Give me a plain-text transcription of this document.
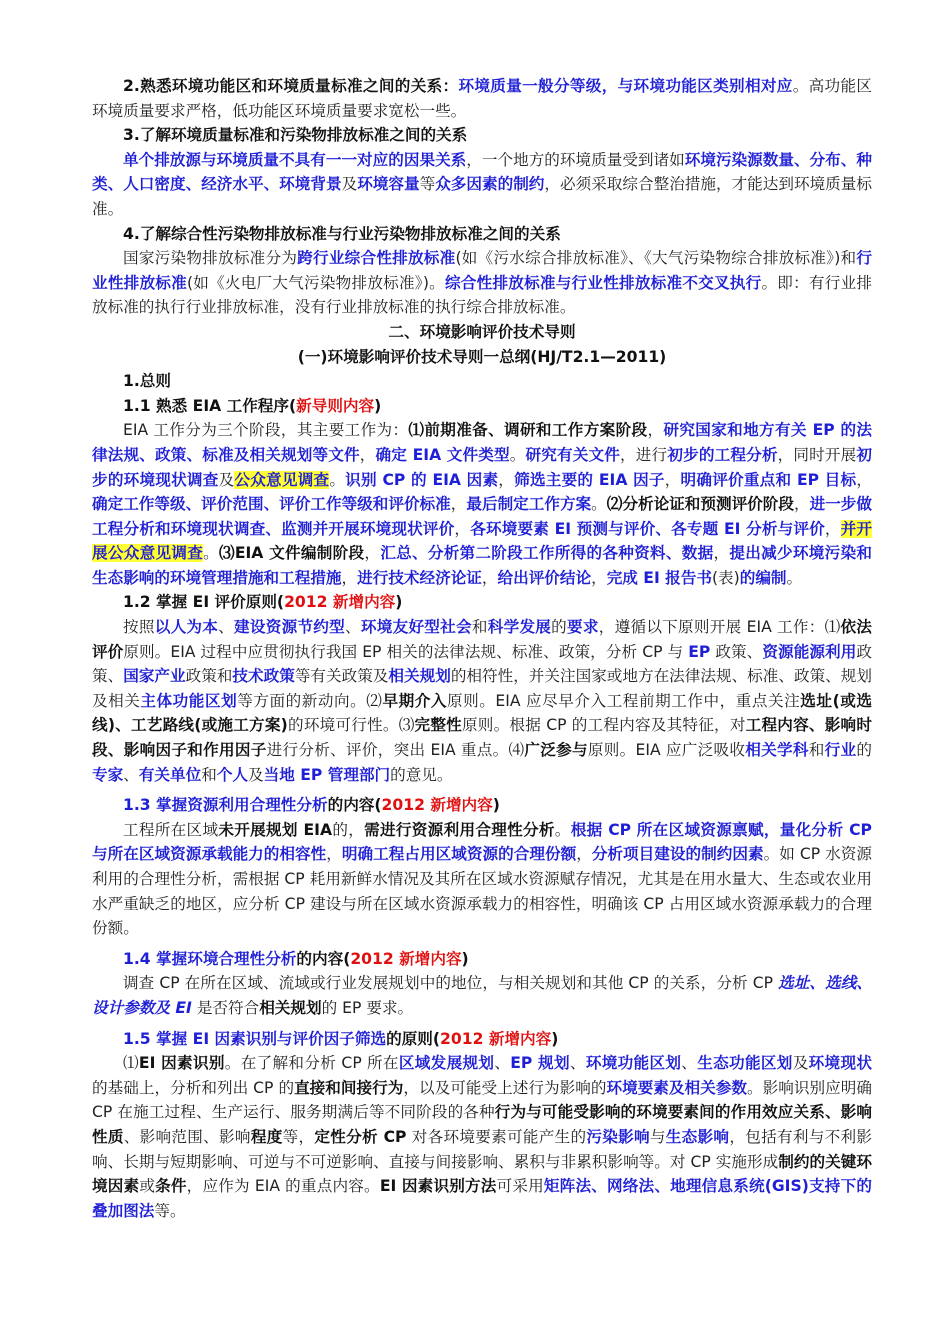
2.熟悉环境功能区和环境质量标准之间的关系：环境质量一般分等级，与环境功能区类别相对应。高功能区环境质量要求严格，低功能区环境质量要求宽松一些。

3.了解环境质量标准和污染物排放标准之间的关系

单个排放源与环境质量不具有一一对应的因果关系，一个地方的环境质量受到诸如环境污染源数量、分布、种类、人口密度、经济水平、环境背景及环境容量等众多因素的制约，必须采取综合整治措施，才能达到环境质量标准。

4.了解综合性污染物排放标准与行业污染物排放标准之间的关系

国家污染物排放标准分为跨行业综合性排放标准(如《污水综合排放标准》、《大气污染物综合排放标准》)和行业性排放标准(如《火电厂大气污染物排放标准》)。综合性排放标准与行业性排放标准不交叉执行。即：有行业排放标准的执行行业排放标准，没有行业排放标准的执行综合排放标准。

二、环境影响评价技术导则

(一)环境影响评价技术导则一总纲(HJ/T2.1—2011)

1.总则

1.1 熟悉 EIA 工作程序(新导则内容)

EIA 工作分为三个阶段，其主要工作为：⑴前期准备、调研和工作方案阶段，研究国家和地方有关 EP 的法律法规、政策、标准及相关规划等文件，确定 EIA 文件类型。研究有关文件，进行初步的工程分析，同时开展初步的环境现状调查及公众意见调查。识别 CP 的 EIA 因素，筛选主要的 EIA 因子，明确评价重点和 EP 目标，确定工作等级、评价范围、评价工作等级和评价标准，最后制定工作方案。⑵分析论证和预测评价阶段，进一步做工程分析和环境现状调查、监测并开展环境现状评价，各环境要素 EI 预测与评价、各专题 EI 分析与评价，并开展公众意见调查。⑶EIA 文件编制阶段，汇总、分析第二阶段工作所得的各种资料、数据，提出减少环境污染和生态影响的环境管理措施和工程措施，进行技术经济论证，给出评价结论，完成 EI 报告书(表)的编制。

1.2 掌握 EI 评价原则(2012 新增内容)

按照以人为本、建设资源节约型、环境友好型社会和科学发展的要求，遵循以下原则开展 EIA 工作：⑴依法评价原则。EIA 过程中应贯彻执行我国 EP 相关的法律法规、标准、政策，分析 CP 与 EP 政策、资源能源利用政策、国家产业政策和技术政策等有关政策及相关规划的相符性，并关注国家或地方在法律法规、标准、政策、规划及相关主体功能区划等方面的新动向。⑵早期介入原则。EIA 应尽早介入工程前期工作中，重点关注选址(或选线)、工艺路线(或施工方案)的环境可行性。⑶完整性原则。根据 CP 的工程内容及其特征，对工程内容、影响时段、影响因子和作用因子进行分析、评价，突出 EIA 重点。⑷广泛参与原则。EIA 应广泛吸收相关学科和行业的专家、有关单位和个人及当地 EP 管理部门的意见。

1.3 掌握资源利用合理性分析的内容(2012 新增内容)

工程所在区域未开展规划 EIA的，需进行资源利用合理性分析。根据 CP 所在区域资源禀赋，量化分析 CP 与所在区域资源承载能力的相容性，明确工程占用区域资源的合理份额，分析项目建设的制约因素。如 CP 水资源利用的合理性分析，需根据 CP 耗用新鲜水情况及其所在区域水资源赋存情况，尤其是在用水量大、生态或农业用水严重缺乏的地区，应分析 CP 建设与所在区域水资源承载力的相容性，明确该 CP 占用区域水资源承载力的合理份额。

1.4 掌握环境合理性分析的内容(2012 新增内容)

调查 CP 在所在区域、流域或行业发展规划中的地位，与相关规划和其他 CP 的关系，分析 CP 选址、选线、设计参数及 EI 是否符合相关规划的 EP 要求。

1.5 掌握 EI 因素识别与评价因子筛选的原则(2012 新增内容)

⑴EI 因素识别。在了解和分析 CP 所在区域发展规划、EP 规划、环境功能区划、生态功能区划及环境现状的基础上，分析和列出 CP 的直接和间接行为，以及可能受上述行为影响的环境要素及相关参数。影响识别应明确 CP 在施工过程、生产运行、服务期满后等不同阶段的各种行为与可能受影响的环境要素间的作用效应关系、影响性质、影响范围、影响程度等，定性分析 CP 对各环境要素可能产生的污染影响与生态影响，包括有利与不利影响、长期与短期影响、可逆与不可逆影响、直接与间接影响、累积与非累积影响等。对 CP 实施形成制约的关键环境因素或条件，应作为 EIA 的重点内容。EI 因素识别方法可采用矩阵法、网络法、地理信息系统(GIS)支持下的叠加图法等。
